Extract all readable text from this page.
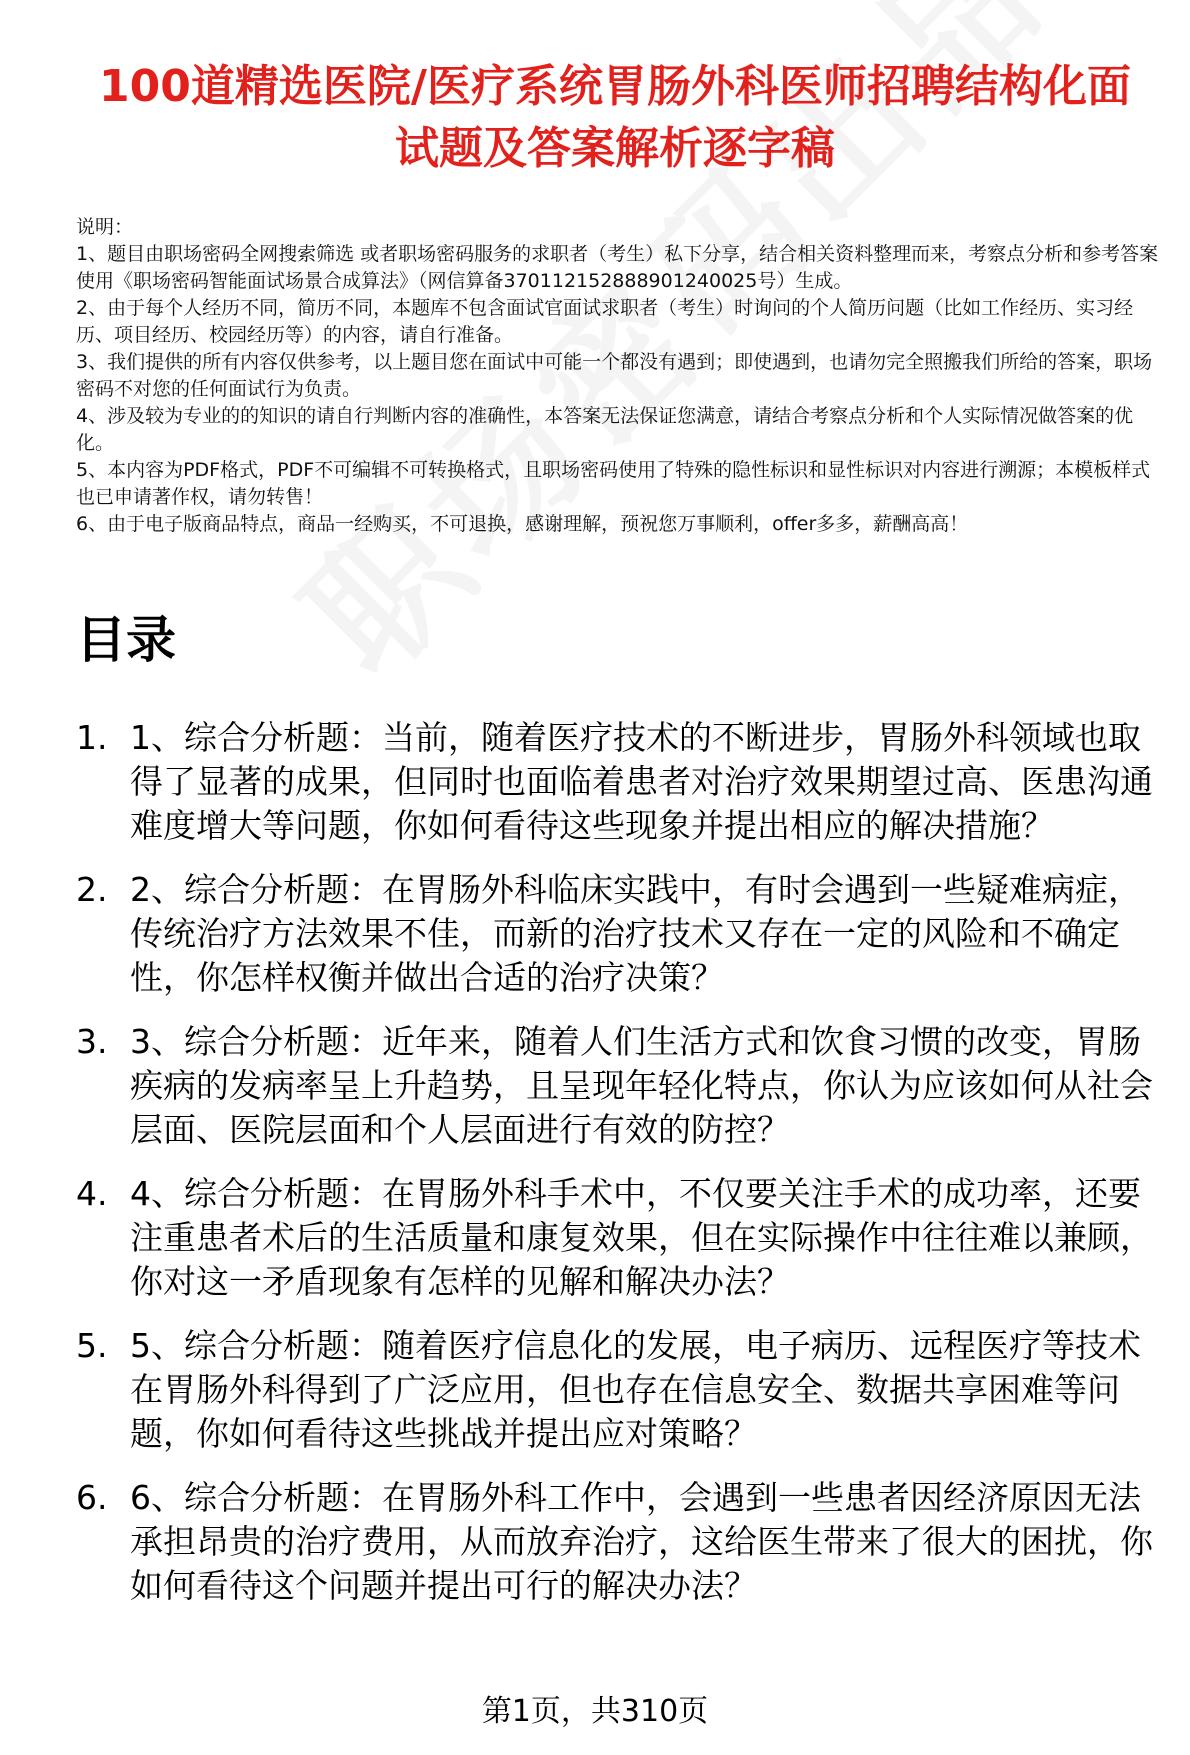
100道精选医院/医疗系统胃肠外科医师招聘结构化面试题及答案解析逐字稿

说明：

1、题目由职场密码全网搜索筛选 或者职场密码服务的求职者（考生）私下分享，结合相关资料整理而来，考察点分析和参考答案使用《职场密码智能面试场景合成算法》（网信算备370112152888901240025号）生成。

2、由于每个人经历不同，简历不同，本题库不包含面试官面试求职者（考生）时询问的个人简历问题（比如工作经历、实习经历、项目经历、校园经历等）的内容，请自行准备。

3、我们提供的所有内容仅供参考，以上题目您在面试中可能一个都没有遇到；即使遇到，也请勿完全照搬我们所给的答案，职场密码不对您的任何面试行为负责。

4、涉及较为专业的的知识的请自行判断内容的准确性，本答案无法保证您满意，请结合考察点分析和个人实际情况做答案的优化。

5、本内容为PDF格式，PDF不可编辑不可转换格式，且职场密码使用了特殊的隐性标识和显性标识对内容进行溯源；本模板样式也已申请著作权，请勿转售！

6、由于电子版商品特点，商品一经购买，不可退换，感谢理解，预祝您万事顺利，offer多多，薪酬高高！

目录
1. 1、综合分析题：当前，随着医疗技术的不断进步，胃肠外科领域也取得了显著的成果，但同时也面临着患者对治疗效果期望过高、医患沟通难度增大等问题，你如何看待这些现象并提出相应的解决措施？
2. 2、综合分析题：在胃肠外科临床实践中，有时会遇到一些疑难病症，传统治疗方法效果不佳，而新的治疗技术又存在一定的风险和不确定性，你怎样权衡并做出合适的治疗决策？
3. 3、综合分析题：近年来，随着人们生活方式和饮食习惯的改变，胃肠疾病的发病率呈上升趋势，且呈现年轻化特点，你认为应该如何从社会层面、医院层面和个人层面进行有效的防控？
4. 4、综合分析题：在胃肠外科手术中，不仅要关注手术的成功率，还要注重患者术后的生活质量和康复效果，但在实际操作中往往难以兼顾，你对这一矛盾现象有怎样的见解和解决办法？
5. 5、综合分析题：随着医疗信息化的发展，电子病历、远程医疗等技术在胃肠外科得到了广泛应用，但也存在信息安全、数据共享困难等问题，你如何看待这些挑战并提出应对策略？
6. 6、综合分析题：在胃肠外科工作中，会遇到一些患者因经济原因无法承担昂贵的治疗费用，从而放弃治疗，这给医生带来了很大的困扰，你如何看待这个问题并提出可行的解决办法？
第1页，共310页
